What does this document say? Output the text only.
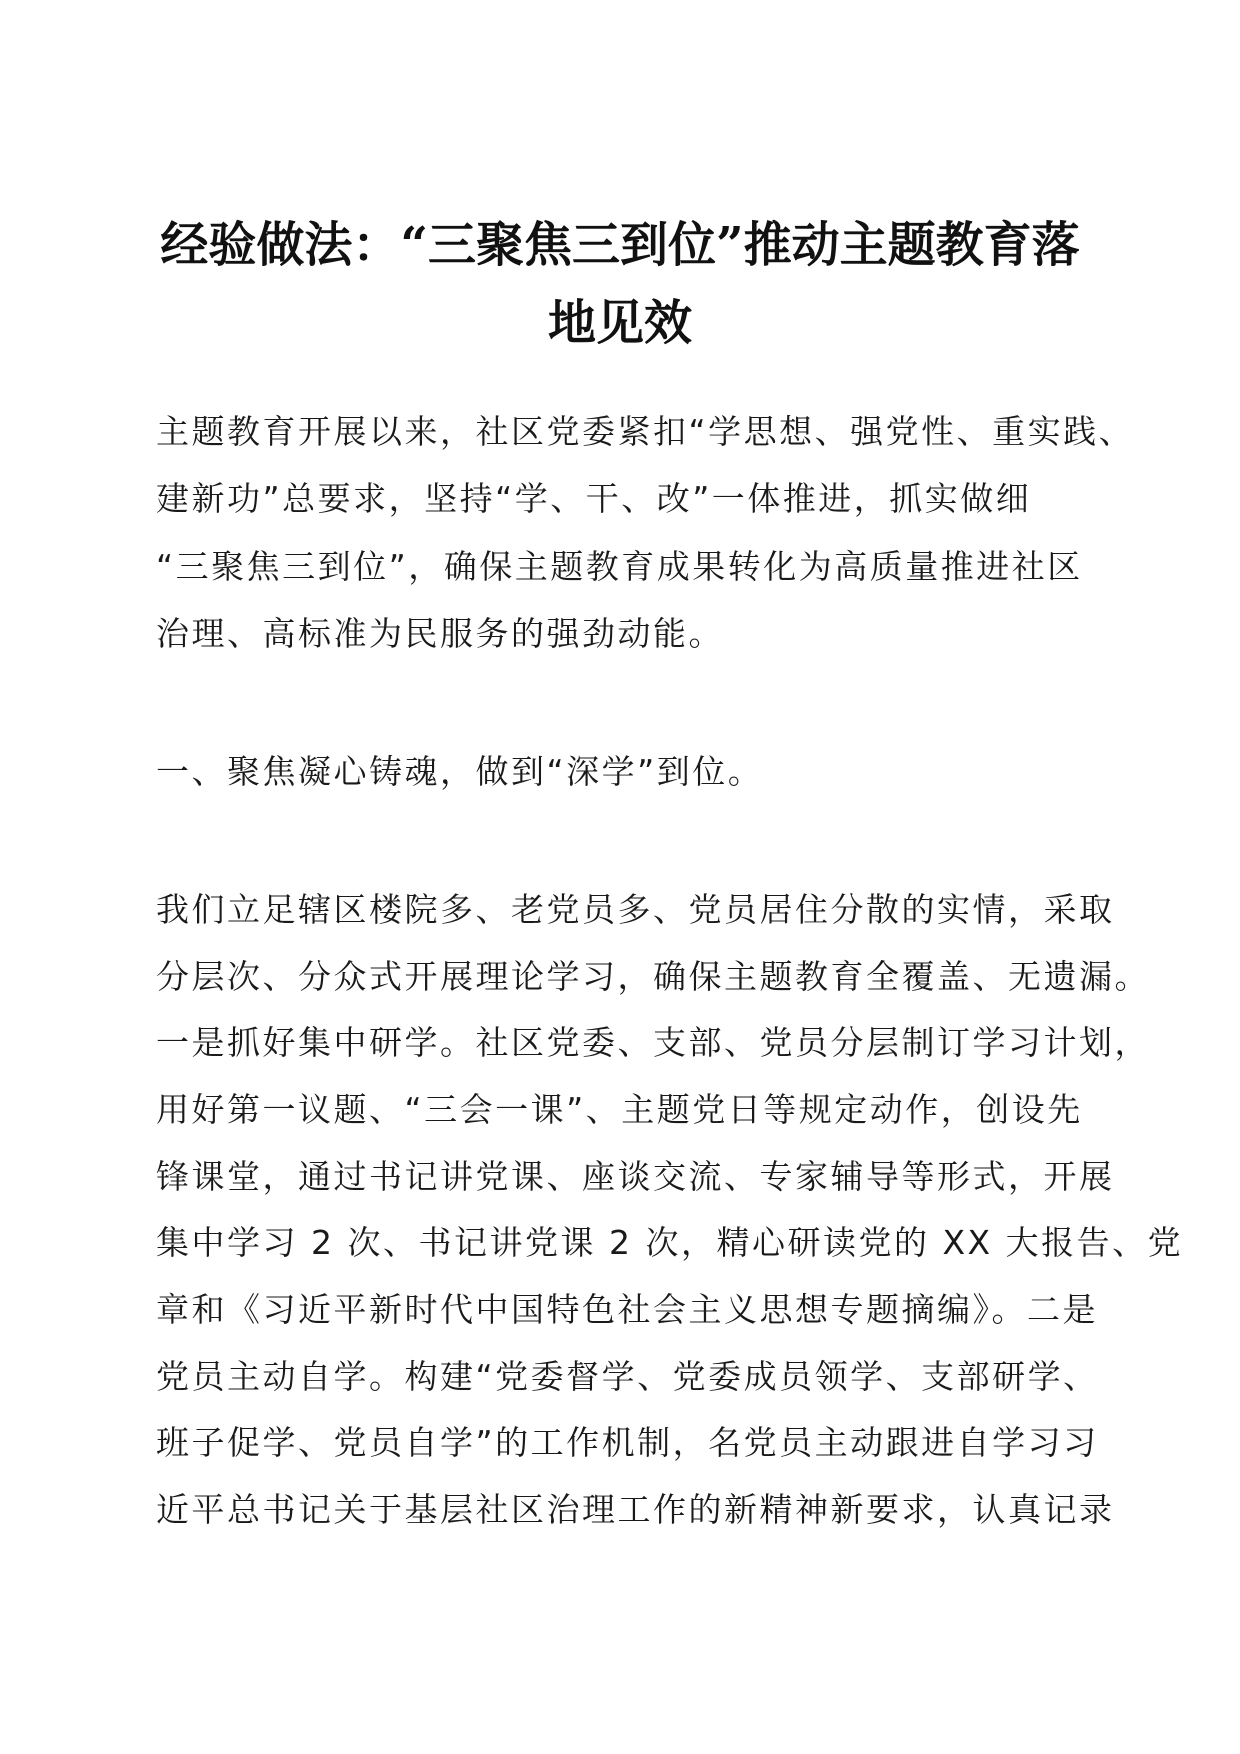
经验做法：“三聚焦三到位”推动主题教育落
地见效

主题教育开展以来，社区党委紧扣“学思想、强党性、重实践、

建新功”总要求，坚持“学、干、改”一体推进，抓实做细

“三聚焦三到位”，确保主题教育成果转化为高质量推进社区

治理、高标准为民服务的强劲动能。

一、聚焦凝心铸魂，做到“深学”到位。

我们立足辖区楼院多、老党员多、党员居住分散的实情，采取

分层次、分众式开展理论学习，确保主题教育全覆盖、无遗漏。

一是抓好集中研学。社区党委、支部、党员分层制订学习计划，

用好第一议题、“三会一课”、主题党日等规定动作，创设先

锋课堂，通过书记讲党课、座谈交流、专家辅导等形式，开展

集中学习 2 次、书记讲党课 2 次，精心研读党的 XX 大报告、党

章和《习近平新时代中国特色社会主义思想专题摘编》。二是

党员主动自学。构建“党委督学、党委成员领学、支部研学、

班子促学、党员自学”的工作机制，名党员主动跟进自学习习

近平总书记关于基层社区治理工作的新精神新要求，认真记录
